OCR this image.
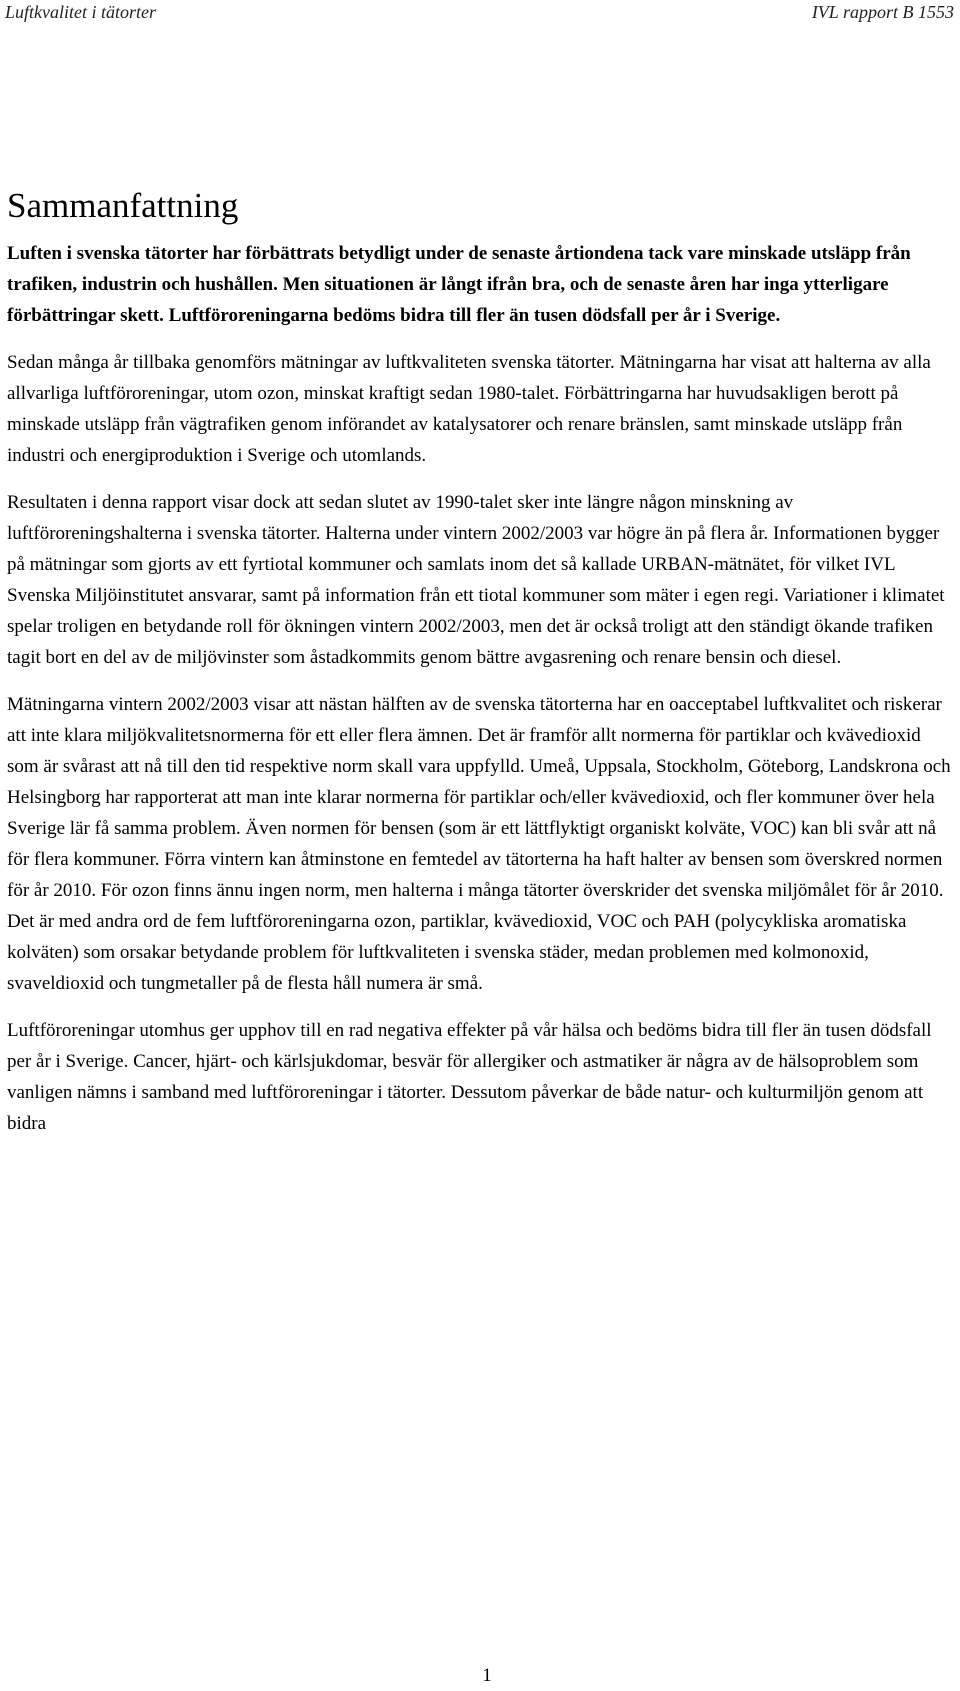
Luftkvalitet i tätorter	IVL rapport B 1553
Sammanfattning

Luften i svenska tätorter har förbättrats betydligt under de senaste årtiondena tack vare minskade utsläpp från trafiken, industrin och hushållen. Men situationen är långt ifrån bra, och de senaste åren har inga ytterligare förbättringar skett. Luftföroreningarna bedöms bidra till fler än tusen dödsfall per år i Sverige.

Sedan många år tillbaka genomförs mätningar av luftkvaliteten svenska tätorter. Mätningarna har visat att halterna av alla allvarliga luftföroreningar, utom ozon, minskat kraftigt sedan 1980-talet. Förbättringarna har huvudsakligen berott på minskade utsläpp från vägtrafiken genom införandet av katalysatorer och renare bränslen, samt minskade utsläpp från industri och energiproduktion i Sverige och utomlands.

Resultaten i denna rapport visar dock att sedan slutet av 1990-talet sker inte längre någon minskning av luftföroreningshalterna i svenska tätorter. Halterna under vintern 2002/2003 var högre än på flera år. Informationen bygger på mätningar som gjorts av ett fyrtiotal kommuner och samlats inom det så kallade URBAN-mätnätet, för vilket IVL Svenska Miljöinstitutet ansvarar, samt på information från ett tiotal kommuner som mäter i egen regi. Variationer i klimatet spelar troligen en betydande roll för ökningen vintern 2002/2003, men det är också troligt att den ständigt ökande trafiken tagit bort en del av de miljövinster som åstadkommits genom bättre avgasrening och renare bensin och diesel.

Mätningarna vintern 2002/2003 visar att nästan hälften av de svenska tätorterna har en oacceptabel luftkvalitet och riskerar att inte klara miljökvalitetsnormerna för ett eller flera ämnen. Det är framför allt normerna för partiklar och kvävedioxid som är svårast att nå till den tid respektive norm skall vara uppfylld. Umeå, Uppsala, Stockholm, Göteborg, Landskrona och Helsingborg har rapporterat att man inte klarar normerna för partiklar och/eller kvävedioxid, och fler kommuner över hela Sverige lär få samma problem. Även normen för bensen (som är ett lättflyktigt organiskt kolväte, VOC) kan bli svår att nå för flera kommuner. Förra vintern kan åtminstone en femtedel av tätorterna ha haft halter av bensen som överskred normen för år 2010. För ozon finns ännu ingen norm, men halterna i många tätorter överskrider det svenska miljömålet för år 2010. Det är med andra ord de fem luftföroreningarna ozon, partiklar, kvävedioxid, VOC och PAH (polycykliska aromatiska kolväten) som orsakar betydande problem för luftkvaliteten i svenska städer, medan problemen med kolmonoxid, svaveldioxid och tungmetaller på de flesta håll numera är små.

Luftföroreningar utomhus ger upphov till en rad negativa effekter på vår hälsa och bedöms bidra till fler än tusen dödsfall per år i Sverige. Cancer, hjärt- och kärlsjukdomar, besvär för allergiker och astmatiker är några av de hälsoproblem som vanligen nämns i samband med luftföroreningar i tätorter. Dessutom påverkar de både natur- och kulturmiljön genom att bidra

1
